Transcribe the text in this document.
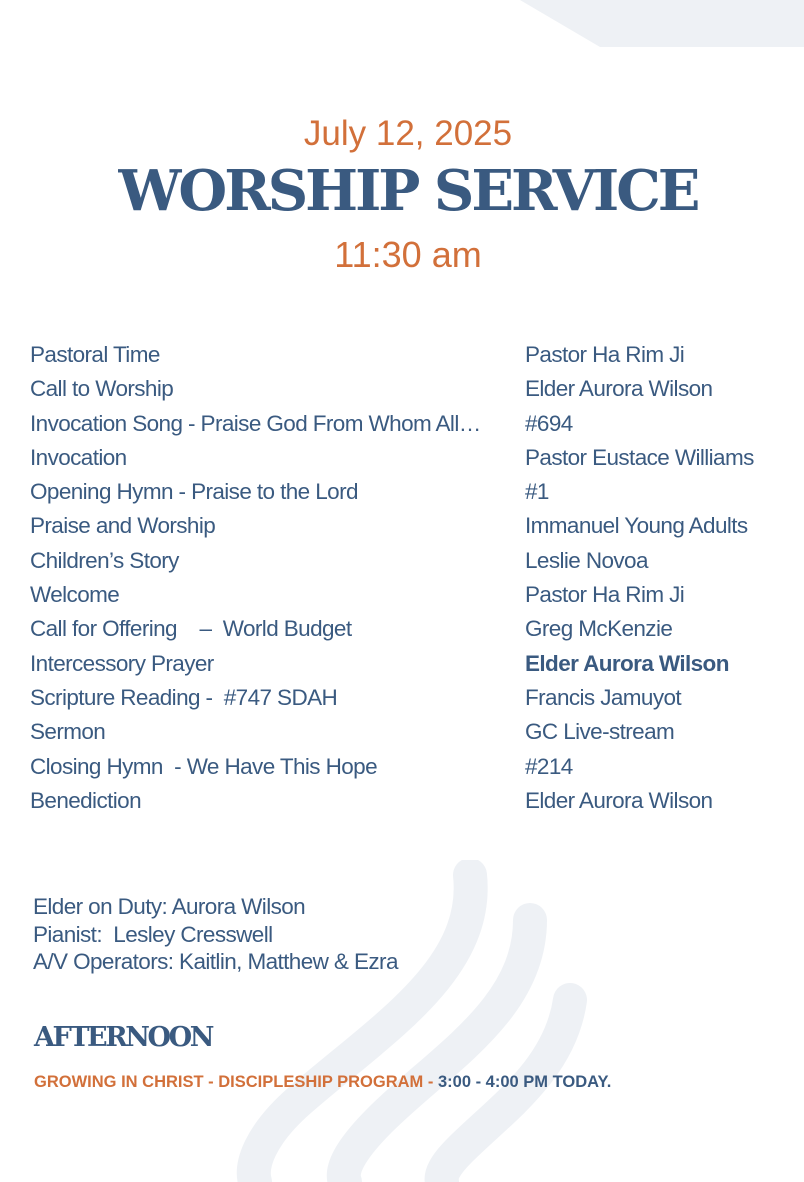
July 12, 2025
WORSHIP SERVICE
11:30 am
Pastoral Time
Call to Worship
Invocation Song - Praise God From Whom All…
Invocation
Opening Hymn - Praise to the Lord
Praise and Worship
Children’s Story
Welcome
Call for Offering    –  World Budget
Intercessory Prayer
Scripture Reading -  #747 SDAH
Sermon
Closing Hymn  - We Have This Hope
Benediction
Pastor Ha Rim Ji
Elder Aurora Wilson
#694
Pastor Eustace Williams
#1
Immanuel Young Adults
Leslie Novoa
Pastor Ha Rim Ji
Greg McKenzie
Elder Aurora Wilson
Francis Jamuyot
GC Live-stream
#214
Elder Aurora Wilson
Elder on Duty: Aurora Wilson
Pianist:  Lesley Cresswell
A/V Operators: Kaitlin, Matthew & Ezra
AFTERNOON
GROWING IN CHRIST - DISCIPLESHIP PROGRAM - 3:00 - 4:00 PM TODAY.
